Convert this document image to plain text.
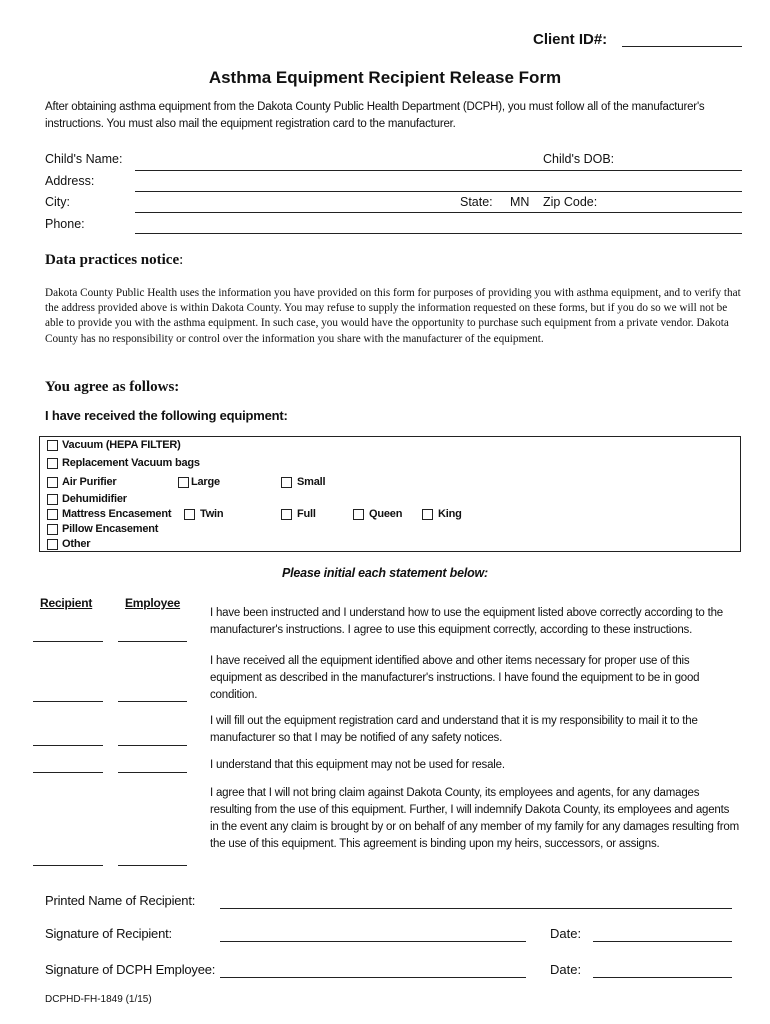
Client ID#:
Asthma Equipment Recipient Release Form
After obtaining asthma equipment from the Dakota County Public Health Department (DCPH), you must follow all of the manufacturer's instructions. You must also mail the equipment registration card to the manufacturer.
Child's Name:	Child's DOB:
Address:
City:	State: MN Zip Code:
Phone:
Data practices notice:
Dakota County Public Health uses the information you have provided on this form for purposes of providing you with asthma equipment, and to verify that the address provided above is within Dakota County. You may refuse to supply the information requested on these forms, but if you do so we will not be able to provide you with the asthma equipment. In such case, you would have the opportunity to purchase such equipment from a private vendor. Dakota County has no responsibility or control over the information you share with the manufacturer of the equipment.
You agree as follows:
I have received the following equipment:
Vacuum (HEPA FILTER)
Replacement Vacuum bags
Air Purifier	Large	Small
Dehumidifier
Mattress Encasement	Twin	Full	Queen	King
Pillow Encasement
Other
Please initial each statement below:
Recipient	Employee
I have been instructed and I understand how to use the equipment listed above correctly according to the manufacturer's instructions. I agree to use this equipment correctly, according to these instructions.
I have received all the equipment identified above and other items necessary for proper use of this equipment as described in the manufacturer's instructions. I have found the equipment to be in good condition.
I will fill out the equipment registration card and understand that it is my responsibility to mail it to the manufacturer so that I may be notified of any safety notices.
I understand that this equipment may not be used for resale.
I agree that I will not bring claim against Dakota County, its employees and agents, for any damages resulting from the use of this equipment. Further, I will indemnify Dakota County, its employees and agents in the event any claim is brought by or on behalf of any member of my family for any damages resulting from the use of this equipment. This agreement is binding upon my heirs, successors, or assigns.
Printed Name of Recipient:
Signature of Recipient:	Date:
Signature of DCPH Employee:	Date:
DCPHD-FH-1849 (1/15)
